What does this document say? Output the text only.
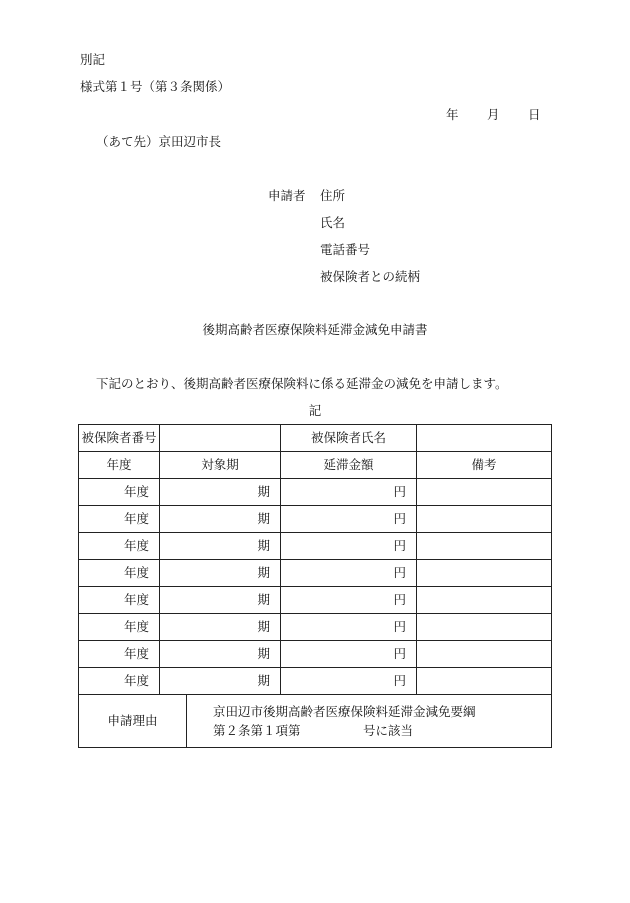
別記
様式第１号（第３条関係）
年 月 日
（あて先）京田辺市長
申請者	住所
氏名
電話番号
被保険者との続柄
後期高齢者医療保険料延滞金減免申請書
下記のとおり、後期高齢者医療保険料に係る延滞金の減免を申請します。
記
被保険者番号			被保険者氏名	
年度	対象期		延滞金額	備考
年度	期		円	
年度	期		円	
年度	期		円	
年度	期		円	
年度	期		円	
年度	期		円	
年度	期		円	
年度	期		円	
申請理由		京田辺市後期高齢者医療保険料延滞金減免要綱
第２条第１項第　　　　　号に該当		
